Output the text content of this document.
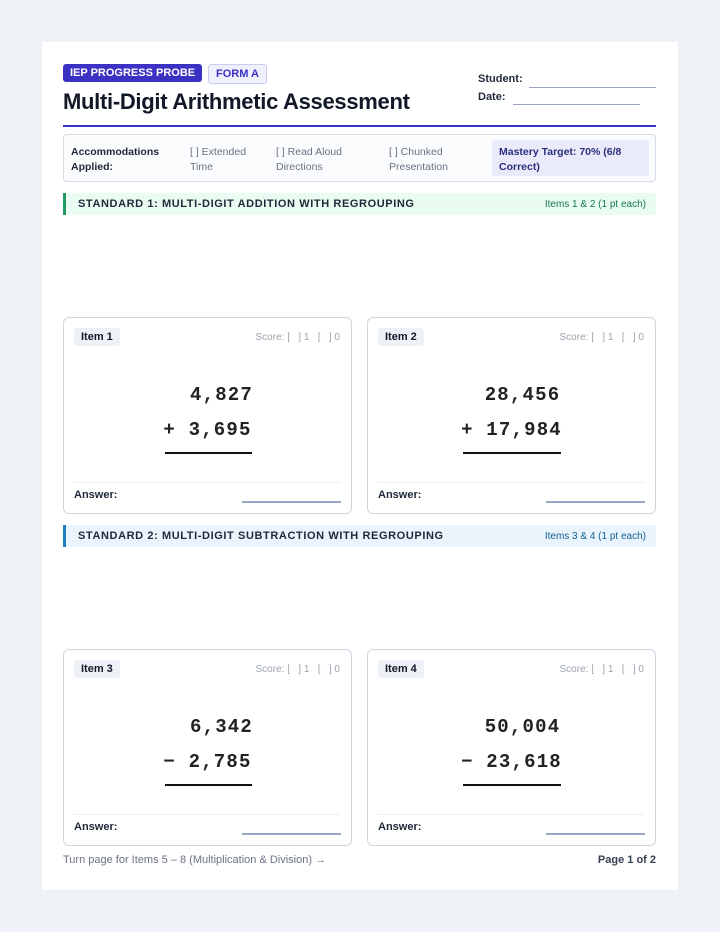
IEP PROGRESS PROBE	FORM A
Multi-Digit Arithmetic Assessment
Student:
Date:
Accommodations Applied:
[ ] Extended Time
[ ] Read Aloud Directions
[ ] Chunked Presentation
Mastery Target: 70% (6/8 Correct)
STANDARD 1: MULTI-DIGIT ADDITION WITH REGROUPING	Items 1 & 2 (1 pt each)
Item 1	Score: [   ] 1   [   ] 0
4,827
+ 3,695
Answer:
Item 2	Score: [   ] 1   [   ] 0
28,456
+ 17,984
Answer:
STANDARD 2: MULTI-DIGIT SUBTRACTION WITH REGROUPING	Items 3 & 4 (1 pt each)
Item 3	Score: [   ] 1   [   ] 0
6,342
− 2,785
Answer:
Item 4	Score: [   ] 1   [   ] 0
50,004
− 23,618
Answer:
Turn page for Items 5 – 8 (Multiplication & Division) →	Page 1 of 2
